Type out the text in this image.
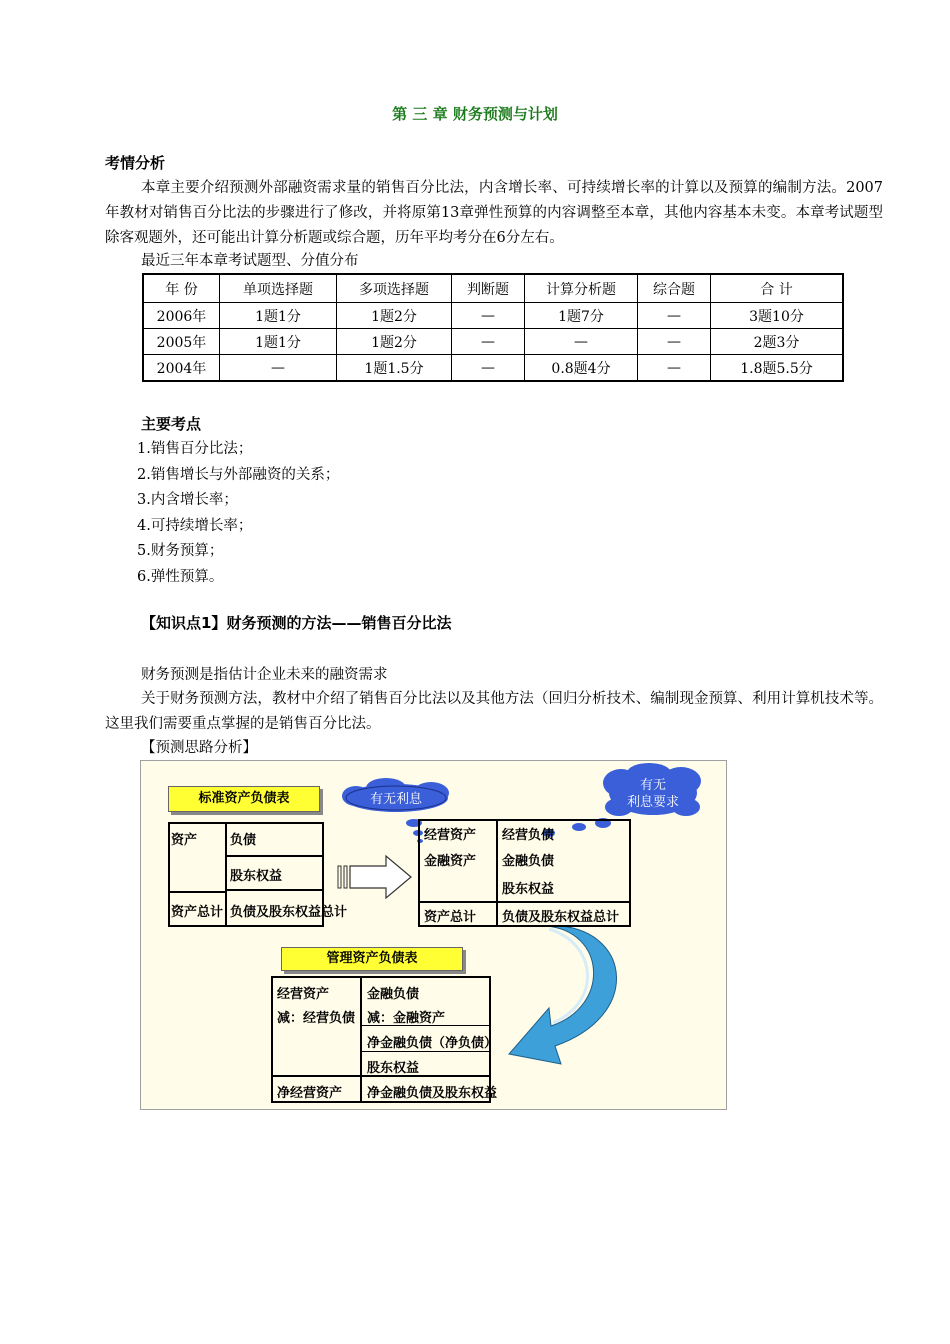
第 三 章 财务预测与计划
考情分析
本章主要介绍预测外部融资需求量的销售百分比法，内含增长率、可持续增长率的计算以及预算的编制方法。2007年教材对销售百分比法的步骤进行了修改，并将原第13章弹性预算的内容调整至本章，其他内容基本未变。本章考试题型除客观题外，还可能出计算分析题或综合题，历年平均考分在6分左右。
最近三年本章考试题型、分值分布
年 份	单项选择题	多项选择题	判断题	计算分析题	综合题	合 计
2006年	1题1分	1题2分	—	1题7分	—	3题10分
2005年	1题1分	1题2分	—	—	—	2题3分
2004年	—	1题1.5分	—	0.8题4分	—	1.8题5.5分
主要考点
1.销售百分比法；
2.销售增长与外部融资的关系；
3.内含增长率；
4.可持续增长率；
5.财务预算；
6.弹性预算。
【知识点1】财务预测的方法——销售百分比法
财务预测是指估计企业未来的融资需求
关于财务预测方法，教材中介绍了销售百分比法以及其他方法（回归分析技术、编制现金预算、利用计算机技术等。这里我们需要重点掌握的是销售百分比法。
【预测思路分析】
标准资产负债表
管理资产负债表
有无利息
有无
利息要求
资产	负债
股东权益
资产总计 负债及股东权益总计
经营资产
金融资产
经营负债
金融负债
股东权益
资产总计 负债及股东权益总计
经营资产
减：经营负债
金融负债
减：金融资产
净金融负债（净负债）
股东权益
净经营资产 净金融负债及股东权益
